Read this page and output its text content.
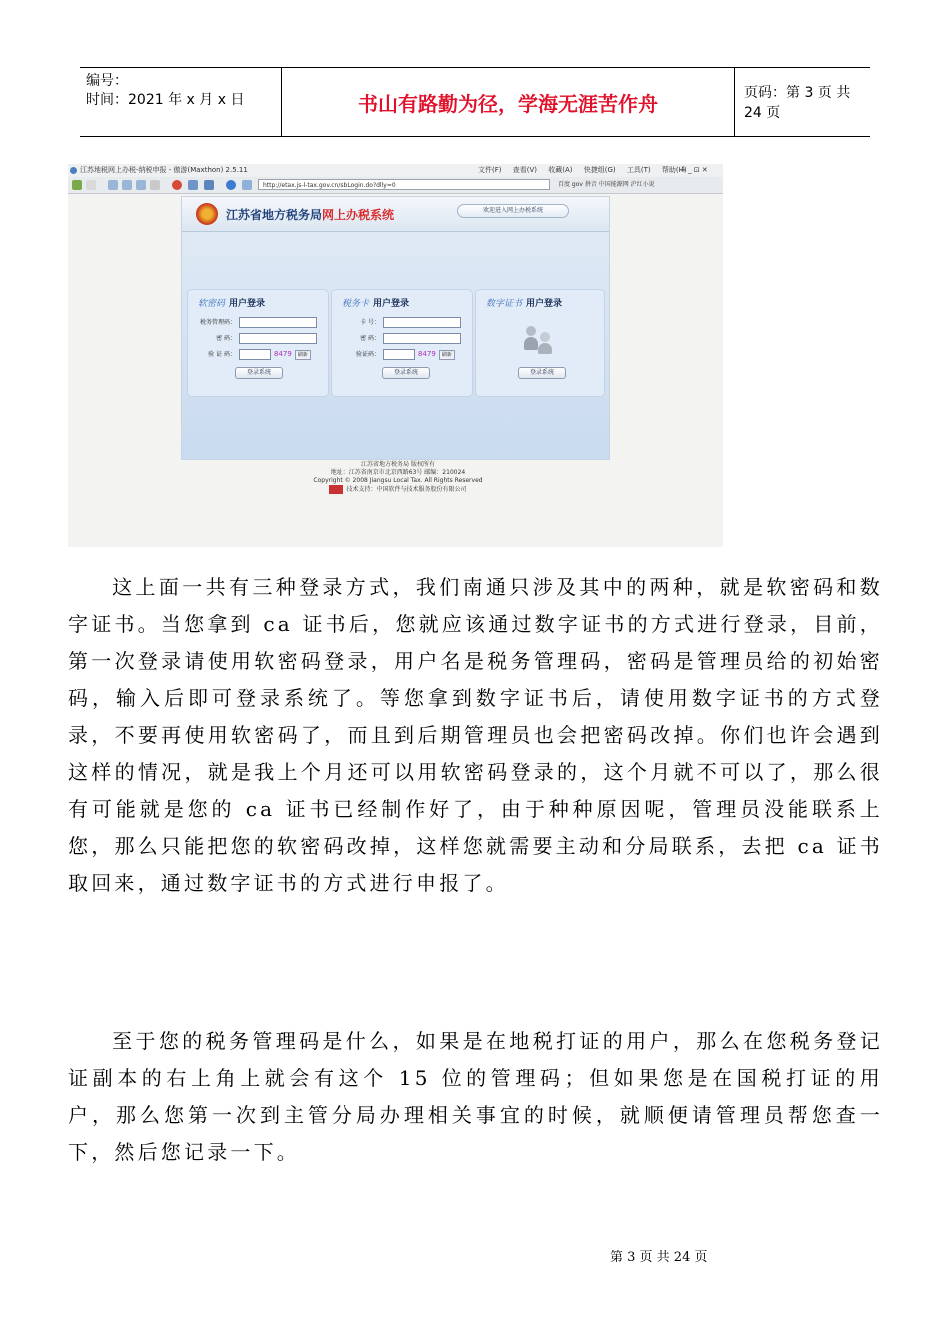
编号：
时间：2021 年 x 月 x 日	书山有路勤为径，学海无涯苦作舟	页码：第 3 页 共 24 页
江苏地税网上办税-纳税申报 - 傲游(Maxthon) 2.5.11	文件(F) 查看(V) 收藏(A) 快捷组(G) 工具(T) 帮助(H)
≚ _ ⊡ ✕
http://etax.js-l-tax.gov.cn/sbLogin.do?dlly=0	百度 gov 拼音 中国能源网 沪红小说
江苏省地方税务局网上办税系统	欢迎进入网上办税系统
软密码 用户登录
税务管理码：
密 码：
验 证 码：	8479 刷新
登录系统
税务卡 用户登录
卡 号：
密 码：
验证码：	8479 刷新
登录系统
数字证书 用户登录
登录系统
江苏省地方税务局 版权所有
地址：江苏省南京市北京西路63号 邮编：210024
Copyright © 2008 Jiangsu Local Tax. All Rights Reserved
技术支持：中国软件与技术服务股份有限公司
这上面一共有三种登录方式，我们南通只涉及其中的两种，就是软密码和数字证书。当您拿到 ca 证书后，您就应该通过数字证书的方式进行登录，目前，第一次登录请使用软密码登录，用户名是税务管理码，密码是管理员给的初始密码，输入后即可登录系统了。等您拿到数字证书后，请使用数字证书的方式登录，不要再使用软密码了，而且到后期管理员也会把密码改掉。你们也许会遇到这样的情况，就是我上个月还可以用软密码登录的，这个月就不可以了，那么很有可能就是您的 ca 证书已经制作好了，由于种种原因呢，管理员没能联系上您，那么只能把您的软密码改掉，这样您就需要主动和分局联系，去把 ca 证书取回来，通过数字证书的方式进行申报了。
至于您的税务管理码是什么，如果是在地税打证的用户，那么在您税务登记证副本的右上角上就会有这个 15 位的管理码；但如果您是在国税打证的用户，那么您第一次到主管分局办理相关事宜的时候，就顺便请管理员帮您查一下，然后您记录一下。
第 3 页 共 24 页
